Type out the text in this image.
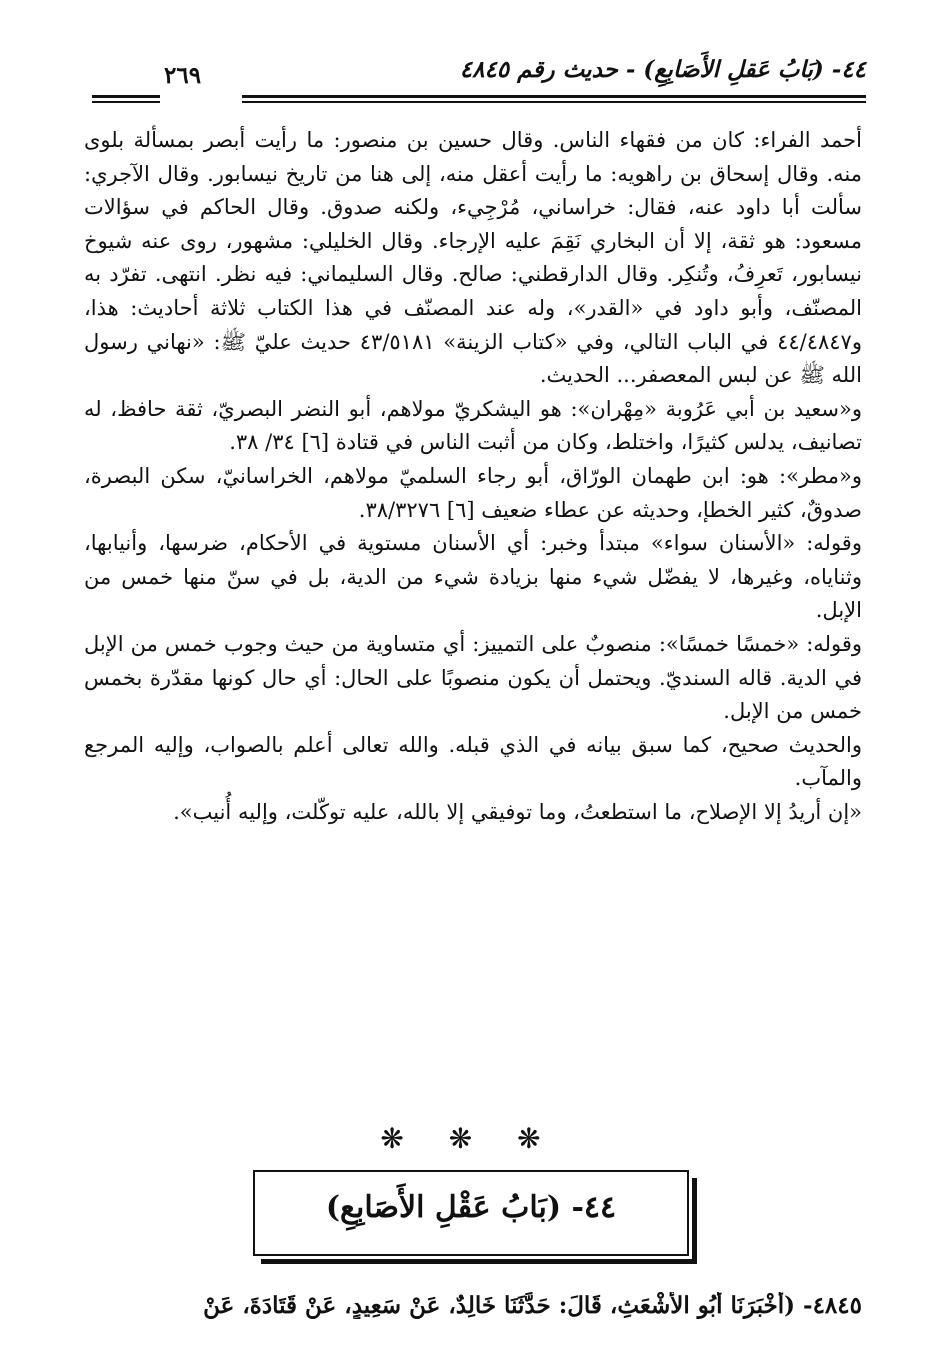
٤٤- (بَابُ عَقلِ الأَصَابِعِ) - حديث رقم ٤٨٤٥
٢٦٩

أحمد الفراء: كان من فقهاء الناس. وقال حسين بن منصور: ما رأيت أبصر بمسألة بلوى منه. وقال إسحاق بن راهويه: ما رأيت أعقل منه، إلى هنا من تاريخ نيسابور. وقال الآجري: سألت أبا داود عنه، فقال: خراساني، مُرْجِيء، ولكنه صدوق. وقال الحاكم في سؤالات مسعود: هو ثقة، إلا أن البخاري نَقِمَ عليه الإرجاء. وقال الخليلي: مشهور، روى عنه شيوخ نيسابور، تَعرِفُ، وتُنكِر. وقال الدارقطني: صالح. وقال السليماني: فيه نظر. انتهى. تفرّد به المصنّف، وأبو داود في «القدر»، وله عند المصنّف في هذا الكتاب ثلاثة أحاديث: هذا، و٤٤/٤٨٤٧ في الباب التالي، وفي «كتاب الزينة» ٤٣/٥١٨١ حديث عليّ ﷺ: «نهاني رسول الله ﷺ عن لبس المعصفر... الحديث.

و«سعيد بن أبي عَرُوبة «مِهْران»: هو اليشكريّ مولاهم، أبو النضر البصريّ، ثقة حافظ، له تصانيف، يدلس كثيرًا، واختلط، وكان من أثبت الناس في قتادة [٦] ٣٤/ ٣٨.

و«مطر»: هو: ابن طهمان الورّاق، أبو رجاء السلميّ مولاهم، الخراسانيّ، سكن البصرة، صدوقٌ، كثير الخطإ، وحديثه عن عطاء ضعيف [٦] ٣٨/٣٢٧٦.

وقوله: «الأسنان سواء» مبتدأ وخبر: أي الأسنان مستوية في الأحكام، ضرسها، وأنيابها، وثناياه، وغيرها، لا يفضّل شيء منها بزيادة شيء من الدية، بل في سنّ منها خمس من الإبل.

وقوله: «خمسًا خمسًا»: منصوبٌ على التمييز: أي متساوية من حيث وجوب خمس من الإبل في الدية. قاله السنديّ. ويحتمل أن يكون منصوبًا على الحال: أي حال كونها مقدّرة بخمس خمس من الإبل.

والحديث صحيح، كما سبق بيانه في الذي قبله. والله تعالى أعلم بالصواب، وإليه المرجع والمآب.

«إن أريدُ إلا الإصلاح، ما استطعتُ، وما توفيقي إلا بالله، عليه توكّلت، وإليه أُنيب».

❋ ❋ ❋
٤٤- (بَابُ عَقْلِ الأَصَابِعِ)
٤٨٤٥- (أَخْبَرَنَا أَبُو الأَشْعَثِ، قَالَ: حَدَّثَنَا خَالِدٌ، عَنْ سَعِيدٍ، عَنْ قَتَادَةَ، عَنْ
